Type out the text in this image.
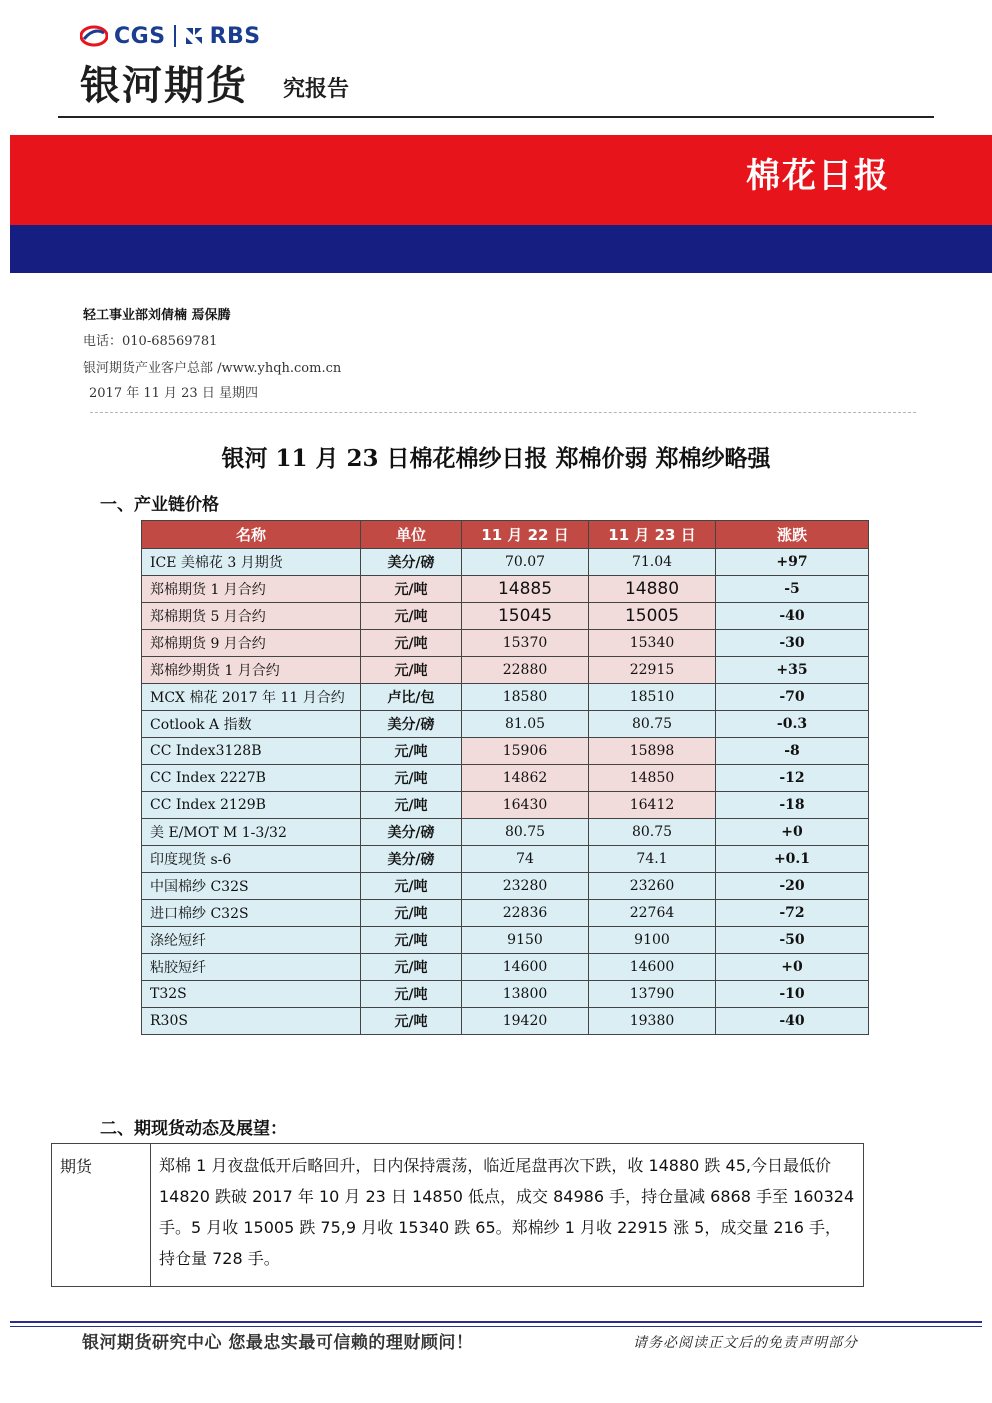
CGS RBS
银河期货 究报告
棉花日报
轻工事业部刘倩楠 焉保腾
电话：010-68569781
银河期货产业客户总部 /www.yhqh.com.cn
2017 年 11 月 23 日 星期四
银河 11 月 23 日棉花棉纱日报 郑棉价弱 郑棉纱略强
一、产业链价格
名称	单位	11 月 22 日	11 月 23 日	涨跌
ICE 美棉花 3 月期货	美分/磅	70.07	71.04	+97
郑棉期货 1 月合约	元/吨	14885	14880	-5
郑棉期货 5 月合约	元/吨	15045	15005	-40
郑棉期货 9 月合约	元/吨	15370	15340	-30
郑棉纱期货 1 月合约	元/吨	22880	22915	+35
MCX 棉花 2017 年 11 月合约	卢比/包	18580	18510	-70
Cotlook A 指数	美分/磅	81.05	80.75	-0.3
CC Index3128B	元/吨	15906	15898	-8
CC Index 2227B	元/吨	14862	14850	-12
CC Index 2129B	元/吨	16430	16412	-18
美 E/MOT M 1-3/32	美分/磅	80.75	80.75	+0
印度现货 s-6	美分/磅	74	74.1	+0.1
中国棉纱 C32S	元/吨	23280	23260	-20
进口棉纱 C32S	元/吨	22836	22764	-72
涤纶短纤	元/吨	9150	9100	-50
粘胶短纤	元/吨	14600	14600	+0
T32S	元/吨	13800	13790	-10
R30S	元/吨	19420	19380	-40
二、期现货动态及展望：
期货	郑棉 1 月夜盘低开后略回升，日内保持震荡，临近尾盘再次下跌，收 14880 跌 45,今日最低价 14820 跌破 2017 年 10 月 23 日 14850 低点，成交 84986 手，持仓量减 6868 手至 160324 手。5 月收 15005 跌 75,9 月收 15340 跌 65。郑棉纱 1 月收 22915 涨 5，成交量 216 手，持仓量 728 手。
银河期货研究中心 您最忠实最可信赖的理财顾问！	请务必阅读正文后的免责声明部分
